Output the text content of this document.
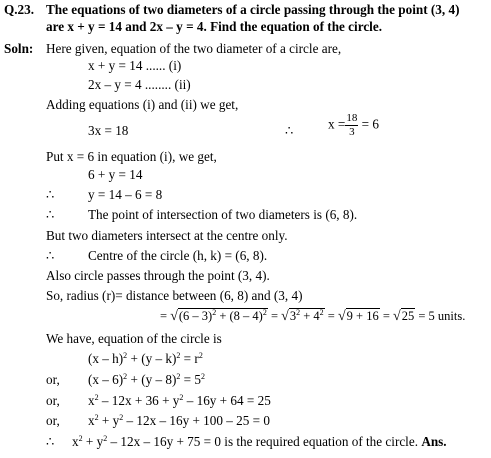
Q.23. The equations of two diameters of a circle passing through the point (3, 4)
are x + y = 14 and 2x – y = 4. Find the equation of the circle.
Soln: Here given, equation of the two diameter of a circle are,
x + y = 14 ...... (i)
2x – y = 4 ........ (ii)
Adding equations (i) and (ii) we get,
3x = 18	∴	$x = \frac{18}{3} = 6$
Put x = 6 in equation (i), we get,
6 + y = 14
∴	y = 14 – 6 = 8
∴	The point of intersection of two diameters is (6, 8).
But two diameters intersect at the centre only.
∴	Centre of the circle (h, k) = (6, 8).
Also circle passes through the point (3, 4).
So, radius (r)= distance between (6, 8) and (3, 4)
= $√(6 - 3)^2 + (8 - 4)^2 = √3^2 + 4^2 = √9 + 16 = √25 = 5$ units.
We have, equation of the circle is
$(x - h)^2 + (y - k)^2 = r^2$
or, $(x - 6)^2 + (y - 8)^2 = 5^2$
or, $x^2 - 12x + 36 + y^2 - 16y + 64 = 25$
or, $x^2 + y^2 - 12x - 16y + 100 - 25 = 0$
∴ $x^2 + y^2 - 12x - 16y + 75 = 0$ is the required equation of the circle. Ans.
